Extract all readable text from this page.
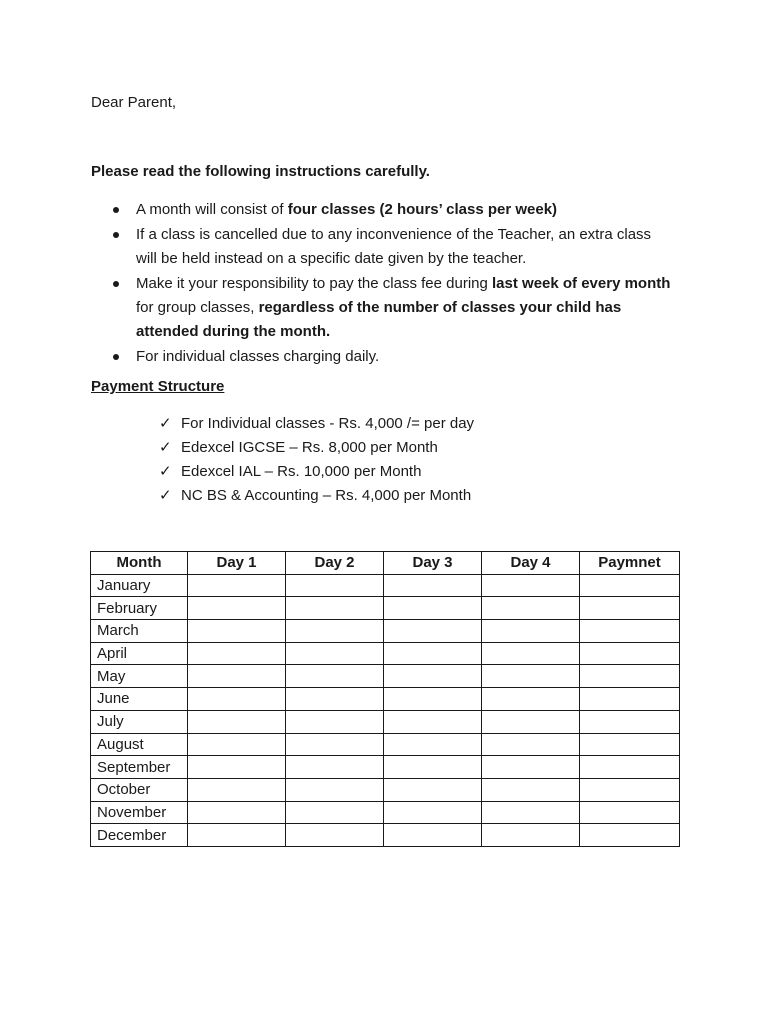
Dear Parent,

Please read the following instructions carefully.

A month will consist of four classes (2 hours’ class per week)
If a class is cancelled due to any inconvenience of the Teacher, an extra class will be held instead on a specific date given by the teacher.
Make it your responsibility to pay the class fee during last week of every month for group classes, regardless of the number of classes your child has attended during the month.
For individual classes charging daily.

Payment Structure

✓ For Individual classes - Rs. 4,000 /= per day
✓ Edexcel IGCSE – Rs. 8,000 per Month
✓ Edexcel IAL – Rs. 10,000 per Month
✓ NC BS & Accounting – Rs. 4,000 per Month
Month	Day 1	Day 2	Day 3	Day 4	Paymnet
January					
February					
March					
April					
May					
June					
July					
August					
September					
October					
November					
December					
